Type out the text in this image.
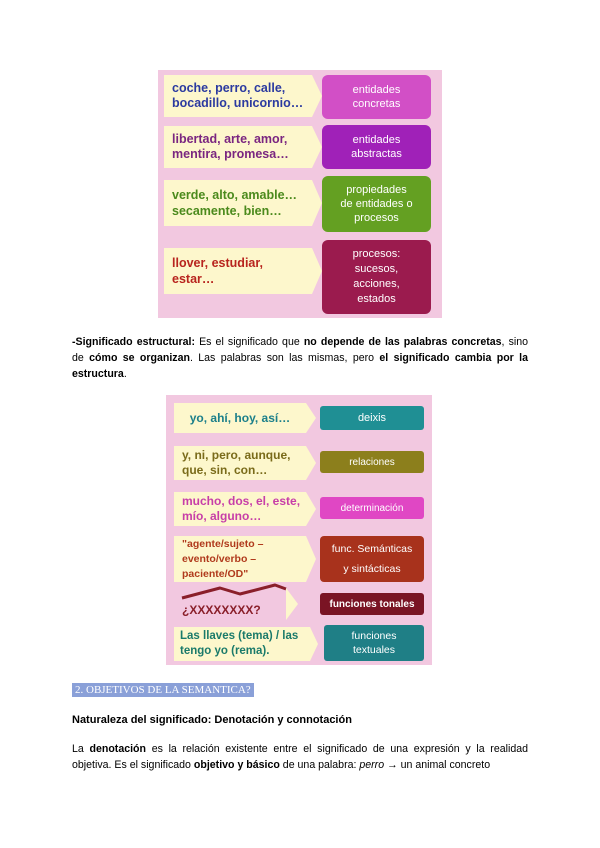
coche, perro, calle,
bocadillo, unicornio…
entidades
concretas
libertad, arte, amor,
mentira, promesa…
entidades
abstractas
verde, alto, amable…
secamente, bien…
propiedades
de entidades o
procesos
llover, estudiar,
estar…
procesos:
sucesos,
acciones,
estados
-Significado estructural: Es el significado que no depende de las palabras concretas, sino de cómo se organizan. Las palabras son las mismas, pero el significado cambia por la estructura.
yo, ahí, hoy, así…	deixis
y, ni, pero, aunque,
que, sin, con…
relaciones
mucho, dos, el, este,
mío, alguno…
determinación
"agente/sujeto –
evento/verbo –
paciente/OD"
func. Semánticas
y sintácticas
¿XXXXXXXX?	funciones tonales
Las llaves (tema) / las
tengo yo (rema).
funciones
textuales
2. OBJETIVOS DE LA SEMANTICA?
Naturaleza del significado: Denotación y connotación
La denotación es la relación existente entre el significado de una expresión y la realidad objetiva. Es el significado objetivo y básico de una palabra: perro → un animal concreto
